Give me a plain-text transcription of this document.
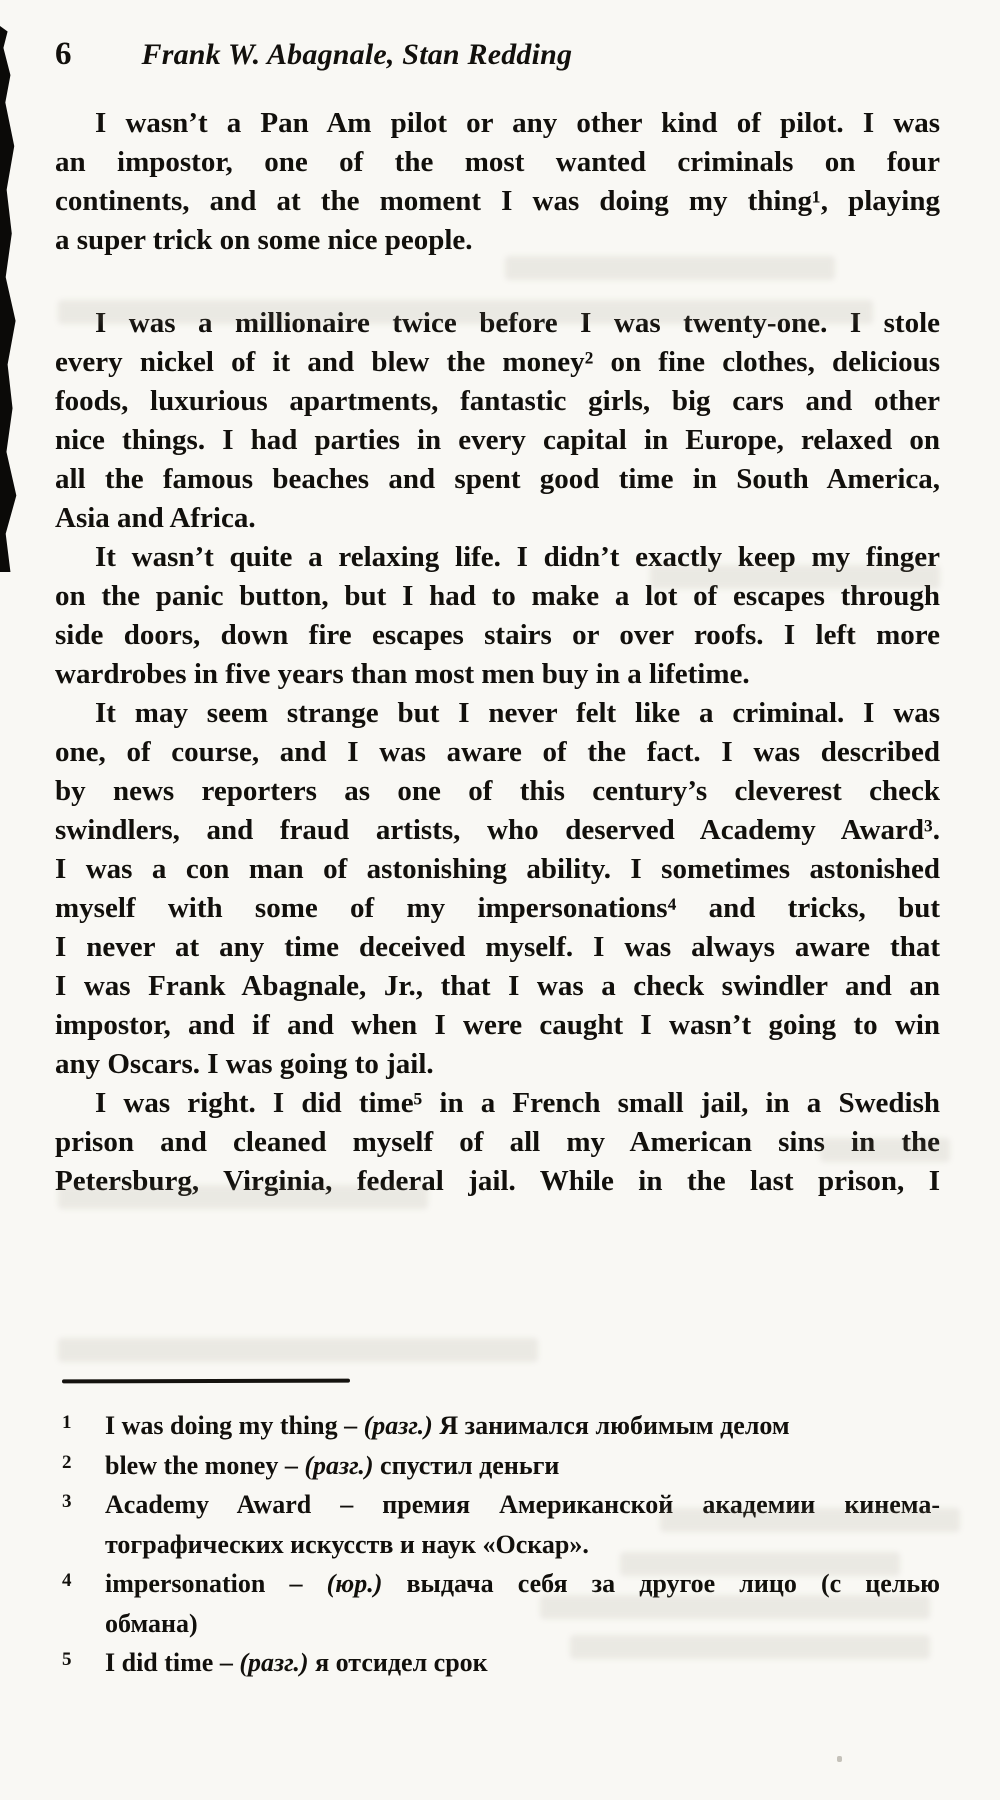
6 Frank W. Abagnale, Stan Redding
I wasn’t a Pan Am pilot or any other kind of pilot. I was
an impostor, one of the most wanted criminals on four
continents, and at the moment I was doing my thing¹, playing
a super trick on some nice people.
I was a millionaire twice before I was twenty-one. I stole
every nickel of it and blew the money² on fine clothes, delicious
foods, luxurious apartments, fantastic girls, big cars and other
nice things. I had parties in every capital in Europe, relaxed on
all the famous beaches and spent good time in South America,
Asia and Africa.
It wasn’t quite a relaxing life. I didn’t exactly keep my finger
on the panic button, but I had to make a lot of escapes through
side doors, down fire escapes stairs or over roofs. I left more
wardrobes in five years than most men buy in a lifetime.
It may seem strange but I never felt like a criminal. I was
one, of course, and I was aware of the fact. I was described
by news reporters as one of this century’s cleverest check
swindlers, and fraud artists, who deserved Academy Award³.
I was a con man of astonishing ability. I sometimes astonished
myself with some of my impersonations⁴ and tricks, but
I never at any time deceived myself. I was always aware that
I was Frank Abagnale, Jr., that I was a check swindler and an
impostor, and if and when I were caught I wasn’t going to win
any Oscars. I was going to jail.
I was right. I did time⁵ in a French small jail, in a Swedish
prison and cleaned myself of all my American sins in the
Petersburg, Virginia, federal jail. While in the last prison, I
1	I was doing my thing – (разг.) Я занимался любимым делом
2	blew the money – (разг.) спустил деньги
3	Academy Award – премия Американской академии кинема-
тографических искусств и наук «Оскар».
4	impersonation – (юр.) выдача себя за другое лицо (с целью
обмана)
5	I did time – (разг.) я отсидел срок
